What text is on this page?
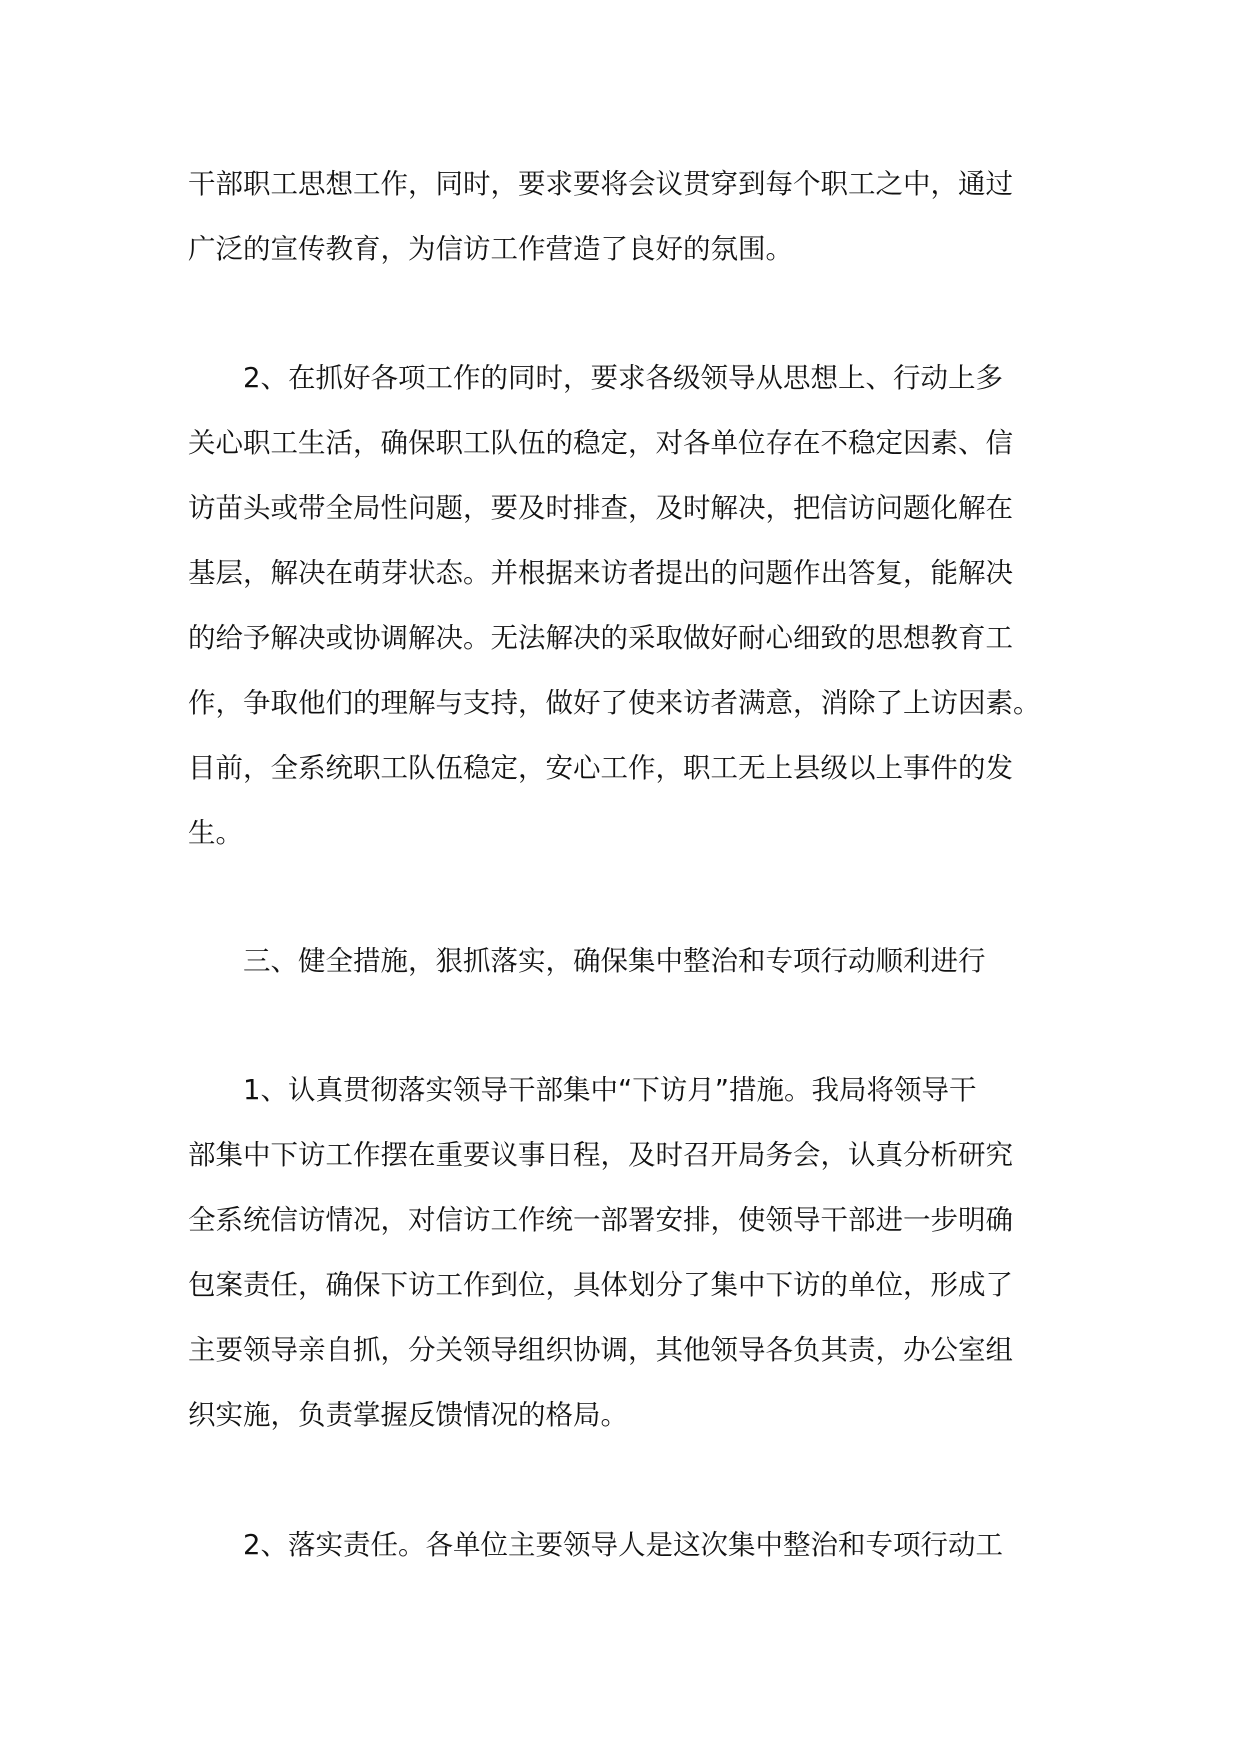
干部职工思想工作，同时，要求要将会议贯穿到每个职工之中，通过

广泛的宣传教育，为信访工作营造了良好的氛围。

　　2、在抓好各项工作的同时，要求各级领导从思想上、行动上多

关心职工生活，确保职工队伍的稳定，对各单位存在不稳定因素、信

访苗头或带全局性问题，要及时排查，及时解决，把信访问题化解在

基层，解决在萌芽状态。并根据来访者提出的问题作出答复，能解决

的给予解决或协调解决。无法解决的采取做好耐心细致的思想教育工

作，争取他们的理解与支持，做好了使来访者满意，消除了上访因素。

目前，全系统职工队伍稳定，安心工作，职工无上县级以上事件的发

生。

　　三、健全措施，狠抓落实，确保集中整治和专项行动顺利进行

　　1、认真贯彻落实领导干部集中“下访月”措施。我局将领导干

部集中下访工作摆在重要议事日程，及时召开局务会，认真分析研究

全系统信访情况，对信访工作统一部署安排，使领导干部进一步明确

包案责任，确保下访工作到位，具体划分了集中下访的单位，形成了

主要领导亲自抓，分关领导组织协调，其他领导各负其责，办公室组

织实施，负责掌握反馈情况的格局。

　　2、落实责任。各单位主要领导人是这次集中整治和专项行动工
